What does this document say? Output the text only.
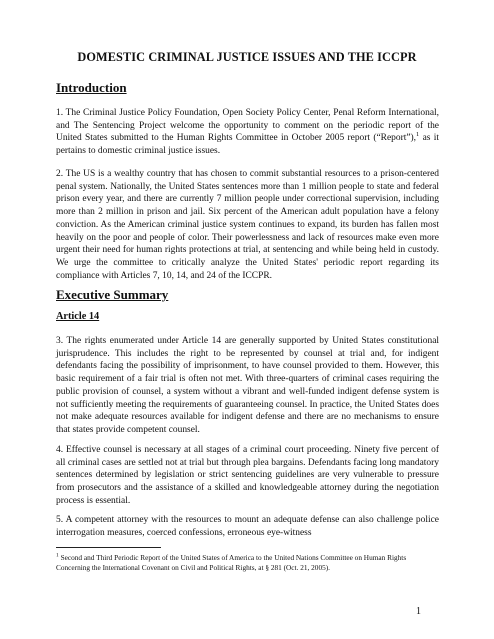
DOMESTIC CRIMINAL JUSTICE ISSUES AND THE ICCPR
Introduction
1. The Criminal Justice Policy Foundation, Open Society Policy Center, Penal Reform International, and The Sentencing Project welcome the opportunity to comment on the periodic report of the United States submitted to the Human Rights Committee in October 2005 report (“Report”),$^1$ as it pertains to domestic criminal justice issues.
2. The US is a wealthy country that has chosen to commit substantial resources to a prison-centered penal system. Nationally, the United States sentences more than 1 million people to state and federal prison every year, and there are currently 7 million people under correctional supervision, including more than 2 million in prison and jail. Six percent of the American adult population have a felony conviction. As the American criminal justice system continues to expand, its burden has fallen most heavily on the poor and people of color. Their powerlessness and lack of resources make even more urgent their need for human rights protections at trial, at sentencing and while being held in custody. We urge the committee to critically analyze the United States' periodic report regarding its compliance with Articles 7, 10, 14, and 24 of the ICCPR.
Executive Summary
Article 14
3. The rights enumerated under Article 14 are generally supported by United States constitutional jurisprudence. This includes the right to be represented by counsel at trial and, for indigent defendants facing the possibility of imprisonment, to have counsel provided to them. However, this basic requirement of a fair trial is often not met. With three-quarters of criminal cases requiring the public provision of counsel, a system without a vibrant and well-funded indigent defense system is not sufficiently meeting the requirements of guaranteeing counsel. In practice, the United States does not make adequate resources available for indigent defense and there are no mechanisms to ensure that states provide competent counsel.
4. Effective counsel is necessary at all stages of a criminal court proceeding. Ninety five percent of all criminal cases are settled not at trial but through plea bargains. Defendants facing long mandatory sentences determined by legislation or strict sentencing guidelines are very vulnerable to pressure from prosecutors and the assistance of a skilled and knowledgeable attorney during the negotiation process is essential.
5. A competent attorney with the resources to mount an adequate defense can also challenge police interrogation measures, coerced confessions, erroneous eye-witness
$^1$ Second and Third Periodic Report of the United States of America to the United Nations Committee on Human Rights Concerning the International Covenant on Civil and Political Rights, at § 281 (Oct. 21, 2005).
1
